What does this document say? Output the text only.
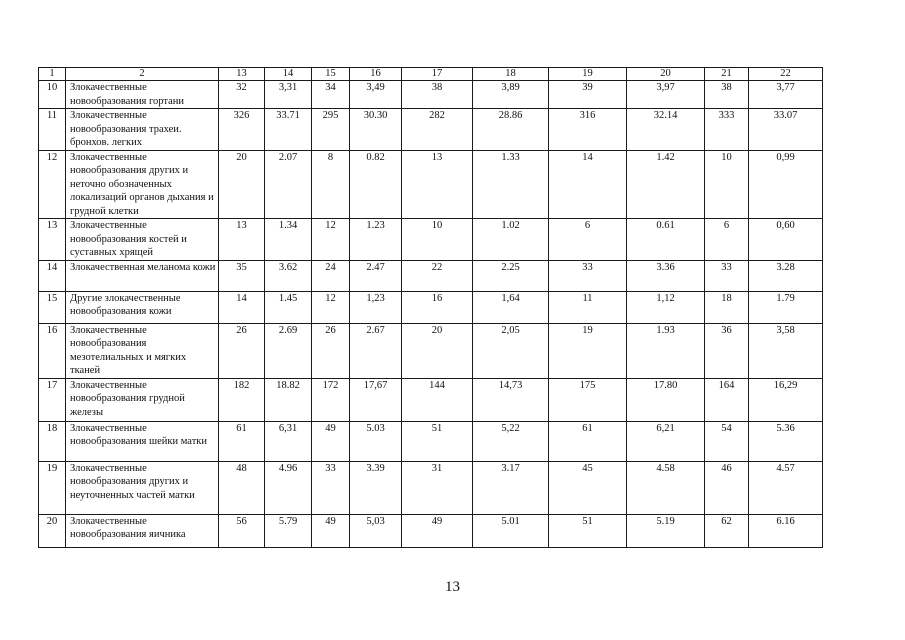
1	2	13	14	15	16	17	18	19	20	21	22
10	Злокачественные новообразования гортани	32	3,31	34	3,49	38	3,89	39	3,97	38	3,77
11	Злокачественные новообразования трахеи. бронхов. легких	326	33.71	295	30.30	282	28.86	316	32.14	333	33.07
12	Злокачественные новообразования других и неточно обозначенных локализаций органов дыхания и грудной клетки	20	2.07	8	0.82	13	1.33	14	1.42	10	0,99
13	Злокачественные новообразования костей и суставных хрящей	13	1.34	12	1.23	10	1.02	6	0.61	6	0,60
14	Злокачественная меланома кожи	35	3.62	24	2.47	22	2.25	33	3.36	33	3.28
15	Другие злокачественные новообразования кожи	14	1.45	12	1,23	16	1,64	11	1,12	18	1.79
16	Злокачественные новообразования мезотелиальных и мягких тканей	26	2.69	26	2.67	20	2,05	19	1.93	36	3,58
17	Злокачественные новообразования грудной железы	182	18.82	172	17,67	144	14,73	175	17.80	164	16,29
18	Злокачественные новообразования шейки матки	61	6,31	49	5.03	51	5,22	61	6,21	54	5.36
19	Злокачественные новообразования других и неуточненных частей матки	48	4.96	33	3.39	31	3.17	45	4.58	46	4.57
20	Злокачественные новообразования яичника	56	5.79	49	5,03	49	5.01	51	5.19	62	6.16
13
